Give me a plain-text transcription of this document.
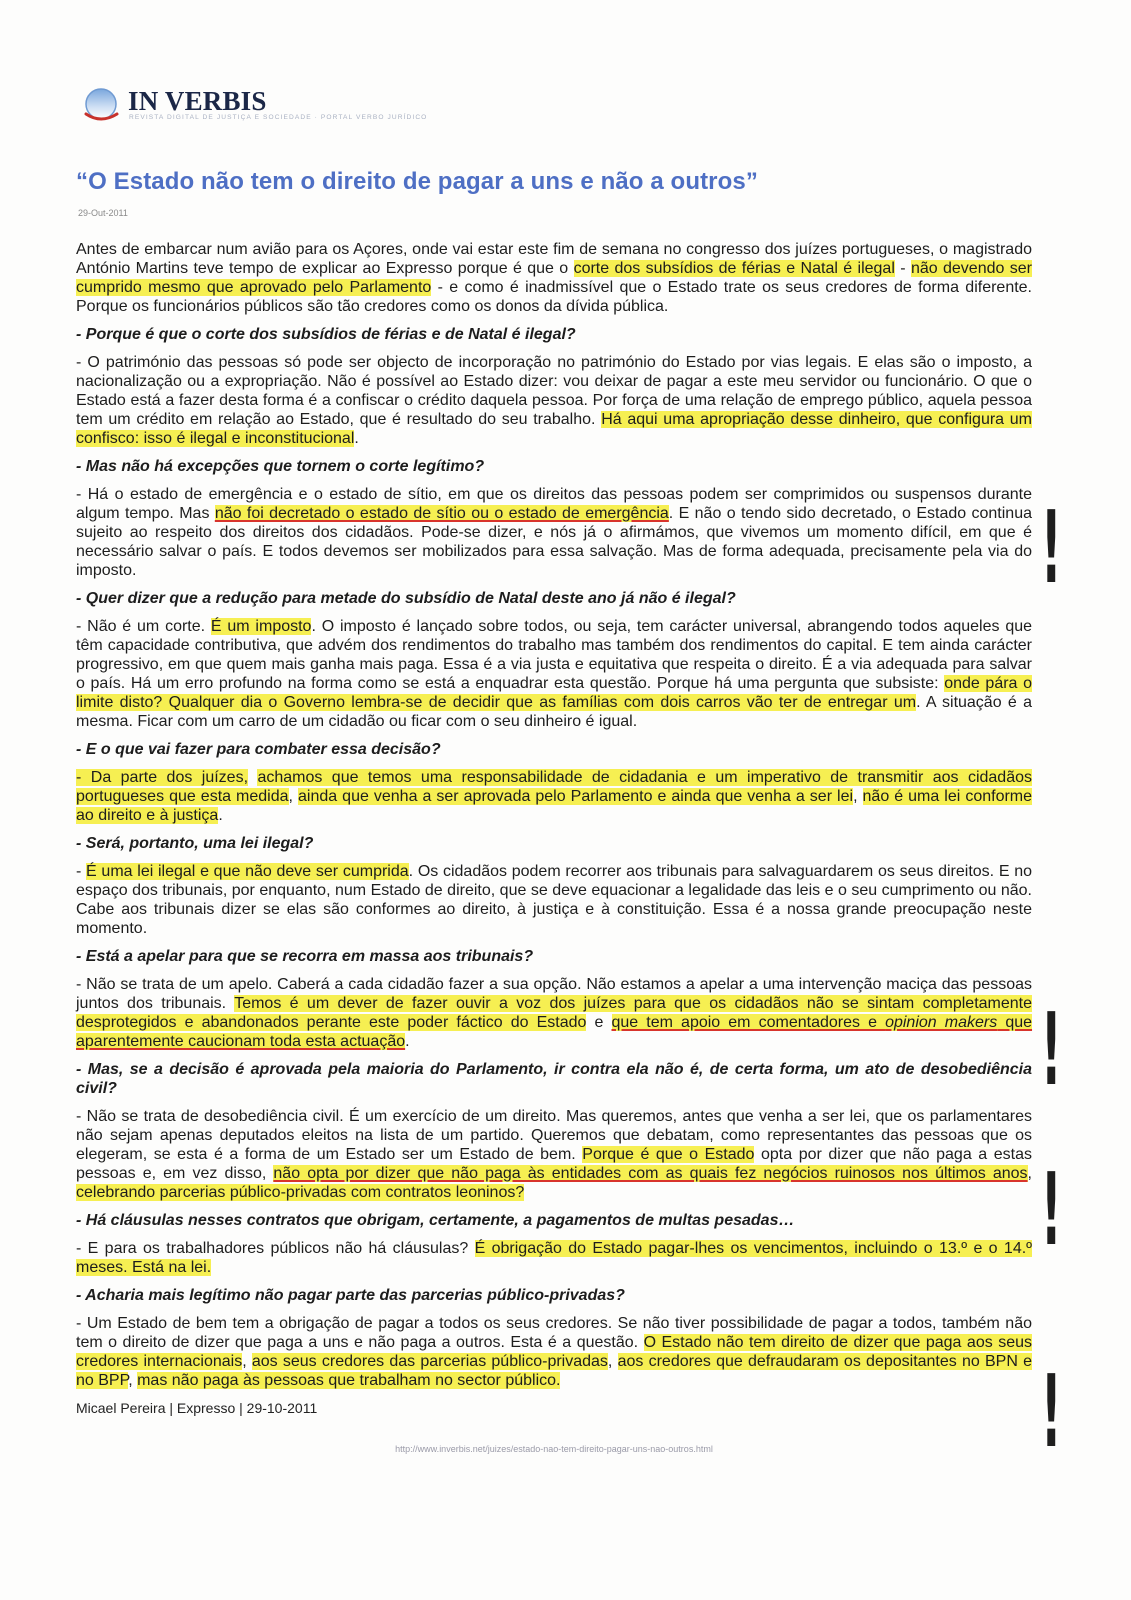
IN VERBIS
REVISTA DIGITAL DE JUSTIÇA E SOCIEDADE · PORTAL VERBO JURÍDICO
“O Estado não tem o direito de pagar a uns e não a outros”
29-Out-2011

Antes de embarcar num avião para os Açores, onde vai estar este fim de semana no congresso dos juízes portugueses, o magistrado António Martins teve tempo de explicar ao Expresso porque é que o corte dos subsídios de férias e Natal é ilegal - não devendo ser cumprido mesmo que aprovado pelo Parlamento - e como é inadmissível que o Estado trate os seus credores de forma diferente. Porque os funcionários públicos são tão credores como os donos da dívida pública.

- Porque é que o corte dos subsídios de férias e de Natal é ilegal?

- O património das pessoas só pode ser objecto de incorporação no património do Estado por vias legais. E elas são o imposto, a nacionalização ou a expropriação. Não é possível ao Estado dizer: vou deixar de pagar a este meu servidor ou funcionário. O que o Estado está a fazer desta forma é a confiscar o crédito daquela pessoa. Por força de uma relação de emprego público, aquela pessoa tem um crédito em relação ao Estado, que é resultado do seu trabalho. Há aqui uma apropriação desse dinheiro, que configura um confisco: isso é ilegal e inconstitucional.

- Mas não há excepções que tornem o corte legítimo?

- Há o estado de emergência e o estado de sítio, em que os direitos das pessoas podem ser comprimidos ou suspensos durante algum tempo. Mas não foi decretado o estado de sítio ou o estado de emergência. E não o tendo sido decretado, o Estado continua sujeito ao respeito dos direitos dos cidadãos. Pode-se dizer, e nós já o afirmámos, que vivemos um momento difícil, em que é necessário salvar o país. E todos devemos ser mobilizados para essa salvação. Mas de forma adequada, precisamente pela via do imposto.

- Quer dizer que a redução para metade do subsídio de Natal deste ano já não é ilegal?

- Não é um corte. É um imposto. O imposto é lançado sobre todos, ou seja, tem carácter universal, abrangendo todos aqueles que têm capacidade contributiva, que advém dos rendimentos do trabalho mas também dos rendimentos do capital. E tem ainda carácter progressivo, em que quem mais ganha mais paga. Essa é a via justa e equitativa que respeita o direito. É a via adequada para salvar o país. Há um erro profundo na forma como se está a enquadrar esta questão. Porque há uma pergunta que subsiste: onde pára o limite disto? Qualquer dia o Governo lembra-se de decidir que as famílias com dois carros vão ter de entregar um. A situação é a mesma. Ficar com um carro de um cidadão ou ficar com o seu dinheiro é igual.

- E o que vai fazer para combater essa decisão?

- Da parte dos juízes, achamos que temos uma responsabilidade de cidadania e um imperativo de transmitir aos cidadãos portugueses que esta medida, ainda que venha a ser aprovada pelo Parlamento e ainda que venha a ser lei, não é uma lei conforme ao direito e à justiça.

- Será, portanto, uma lei ilegal?

- É uma lei ilegal e que não deve ser cumprida. Os cidadãos podem recorrer aos tribunais para salvaguardarem os seus direitos. E no espaço dos tribunais, por enquanto, num Estado de direito, que se deve equacionar a legalidade das leis e o seu cumprimento ou não. Cabe aos tribunais dizer se elas são conformes ao direito, à justiça e à constituição. Essa é a nossa grande preocupação neste momento.

- Está a apelar para que se recorra em massa aos tribunais?

- Não se trata de um apelo. Caberá a cada cidadão fazer a sua opção. Não estamos a apelar a uma intervenção maciça das pessoas juntos dos tribunais. Temos é um dever de fazer ouvir a voz dos juízes para que os cidadãos não se sintam completamente desprotegidos e abandonados perante este poder fáctico do Estado e que tem apoio em comentadores e opinion makers que aparentemente caucionam toda esta actuação.

- Mas, se a decisão é aprovada pela maioria do Parlamento, ir contra ela não é, de certa forma, um ato de desobediência civil?

- Não se trata de desobediência civil. É um exercício de um direito. Mas queremos, antes que venha a ser lei, que os parlamentares não sejam apenas deputados eleitos na lista de um partido. Queremos que debatam, como representantes das pessoas que os elegeram, se esta é a forma de um Estado ser um Estado de bem. Porque é que o Estado opta por dizer que não paga a estas pessoas e, em vez disso, não opta por dizer que não paga às entidades com as quais fez negócios ruinosos nos últimos anos, celebrando parcerias público-privadas com contratos leoninos?

- Há cláusulas nesses contratos que obrigam, certamente, a pagamentos de multas pesadas…

- E para os trabalhadores públicos não há cláusulas? É obrigação do Estado pagar-lhes os vencimentos, incluindo o 13.º e o 14.º meses. Está na lei.

- Acharia mais legítimo não pagar parte das parcerias público-privadas?

- Um Estado de bem tem a obrigação de pagar a todos os seus credores. Se não tiver possibilidade de pagar a todos, também não tem o direito de dizer que paga a uns e não paga a outros. Esta é a questão. O Estado não tem direito de dizer que paga aos seus credores internacionais, aos seus credores das parcerias público-privadas, aos credores que defraudaram os depositantes no BPN e no BPP, mas não paga às pessoas que trabalham no sector público.

Micael Pereira | Expresso | 29-10-2011
http://www.inverbis.net/juizes/estado-nao-tem-direito-pagar-uns-nao-outros.html
!
!
!
!
